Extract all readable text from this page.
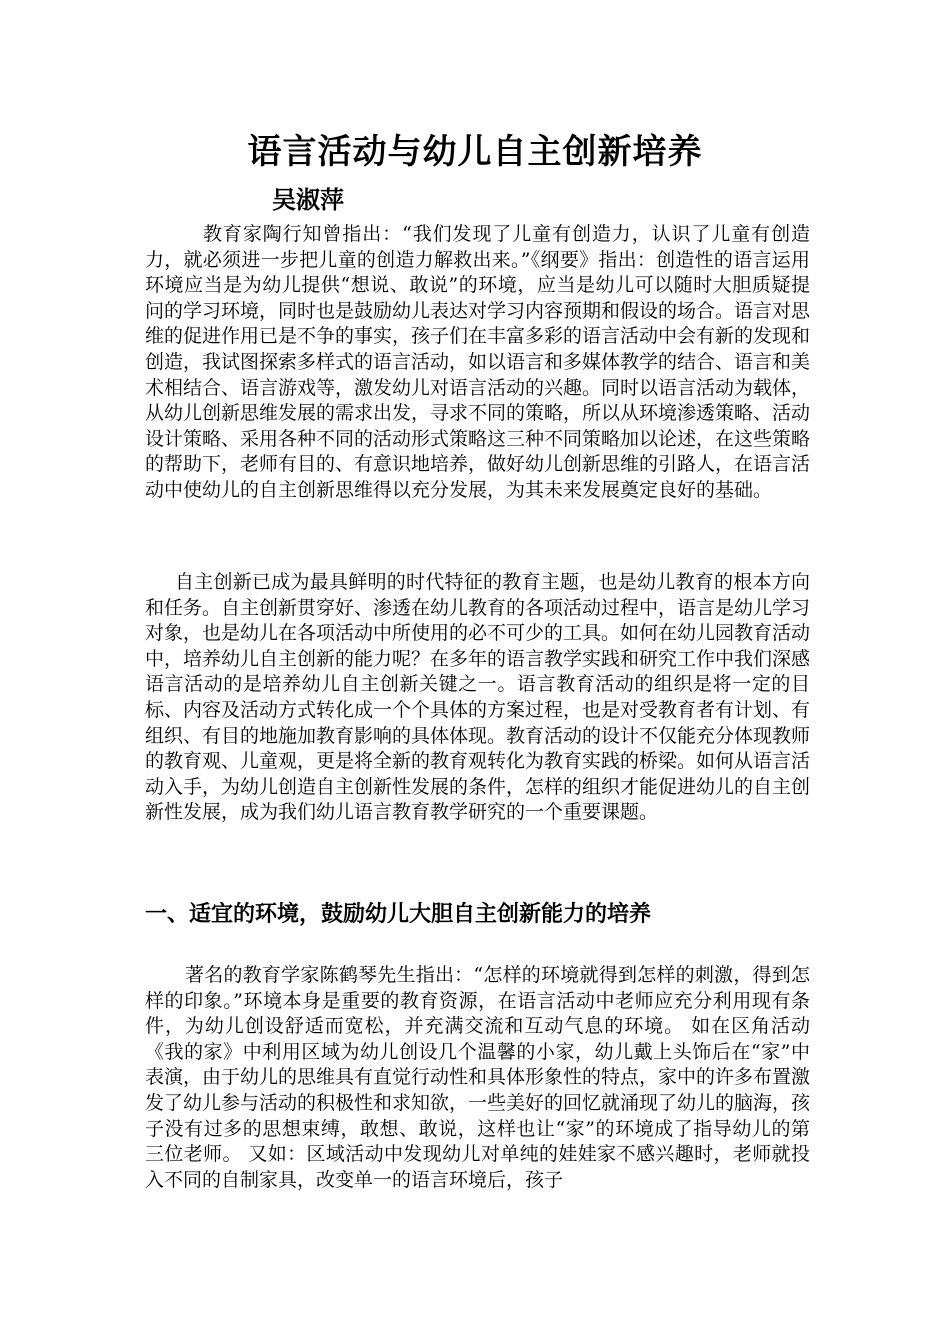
语言活动与幼儿自主创新培养
吴淑萍

教育家陶行知曾指出：“我们发现了儿童有创造力，认识了儿童有创造力，就必须进一步把儿童的创造力解救出来。”《纲要》指出：创造性的语言运用环境应当是为幼儿提供“想说、敢说”的环境，应当是幼儿可以随时大胆质疑提问的学习环境，同时也是鼓励幼儿表达对学习内容预期和假设的场合。语言对思维的促进作用已是不争的事实，孩子们在丰富多彩的语言活动中会有新的发现和创造，我试图探索多样式的语言活动，如以语言和多媒体教学的结合、语言和美术相结合、语言游戏等，激发幼儿对语言活动的兴趣。同时以语言活动为载体，从幼儿创新思维发展的需求出发，寻求不同的策略，所以从环境渗透策略、活动设计策略、采用各种不同的活动形式策略这三种不同策略加以论述，在这些策略的帮助下，老师有目的、有意识地培养，做好幼儿创新思维的引路人，在语言活动中使幼儿的自主创新思维得以充分发展，为其未来发展奠定良好的基础。

自主创新已成为最具鲜明的时代特征的教育主题，也是幼儿教育的根本方向和任务。自主创新贯穿好、渗透在幼儿教育的各项活动过程中，语言是幼儿学习对象，也是幼儿在各项活动中所使用的必不可少的工具。如何在幼儿园教育活动中，培养幼儿自主创新的能力呢？在多年的语言教学实践和研究工作中我们深感语言活动的是培养幼儿自主创新关键之一。语言教育活动的组织是将一定的目标、内容及活动方式转化成一个个具体的方案过程，也是对受教育者有计划、有组织、有目的地施加教育影响的具体体现。教育活动的设计不仅能充分体现教师的教育观、儿童观，更是将全新的教育观转化为教育实践的桥梁。如何从语言活动入手，为幼儿创造自主创新性发展的条件，怎样的组织才能促进幼儿的自主创新性发展，成为我们幼儿语言教育教学研究的一个重要课题。

一、适宜的环境，鼓励幼儿大胆自主创新能力的培养

著名的教育学家陈鹤琴先生指出：“怎样的环境就得到怎样的刺激，得到怎样的印象。”环境本身是重要的教育资源，在语言活动中老师应充分利用现有条件，为幼儿创设舒适而宽松，并充满交流和互动气息的环境。 如在区角活动《我的家》中利用区域为幼儿创设几个温馨的小家，幼儿戴上头饰后在“家”中表演，由于幼儿的思维具有直觉行动性和具体形象性的特点，家中的许多布置激发了幼儿参与活动的积极性和求知欲，一些美好的回忆就涌现了幼儿的脑海，孩子没有过多的思想束缚，敢想、敢说，这样也让“家”的环境成了指导幼儿的第三位老师。 又如：区域活动中发现幼儿对单纯的娃娃家不感兴趣时，老师就投入不同的自制家具，改变单一的语言环境后，孩子
